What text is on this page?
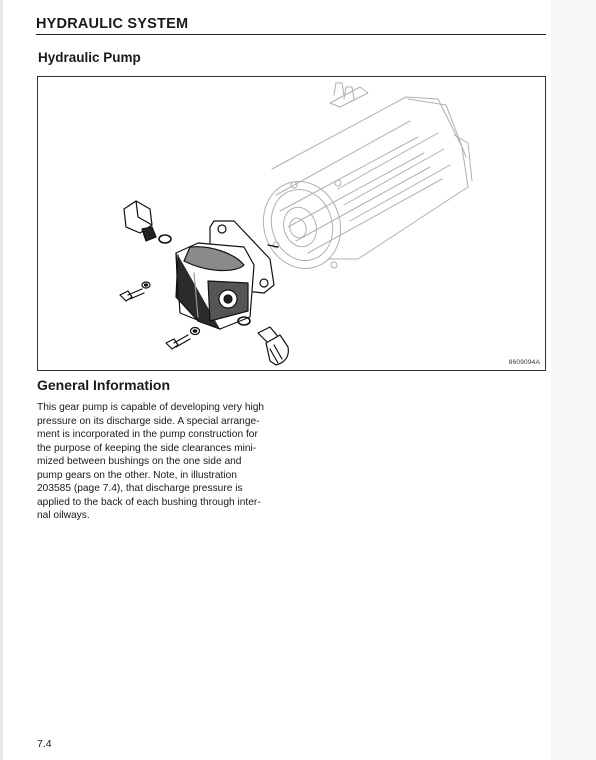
HYDRAULIC SYSTEM
Hydraulic Pump
8609094A
General Information
This gear pump is capable of developing very high
pressure on its discharge side. A special arrange-
ment is incorporated in the pump construction for
the purpose of keeping the side clearances mini-
mized between bushings on the one side and
pump gears on the other. Note, in illustration
203585 (page 7.4), that discharge pressure is
applied to the back of each bushing through inter-
nal oilways.
7.4
